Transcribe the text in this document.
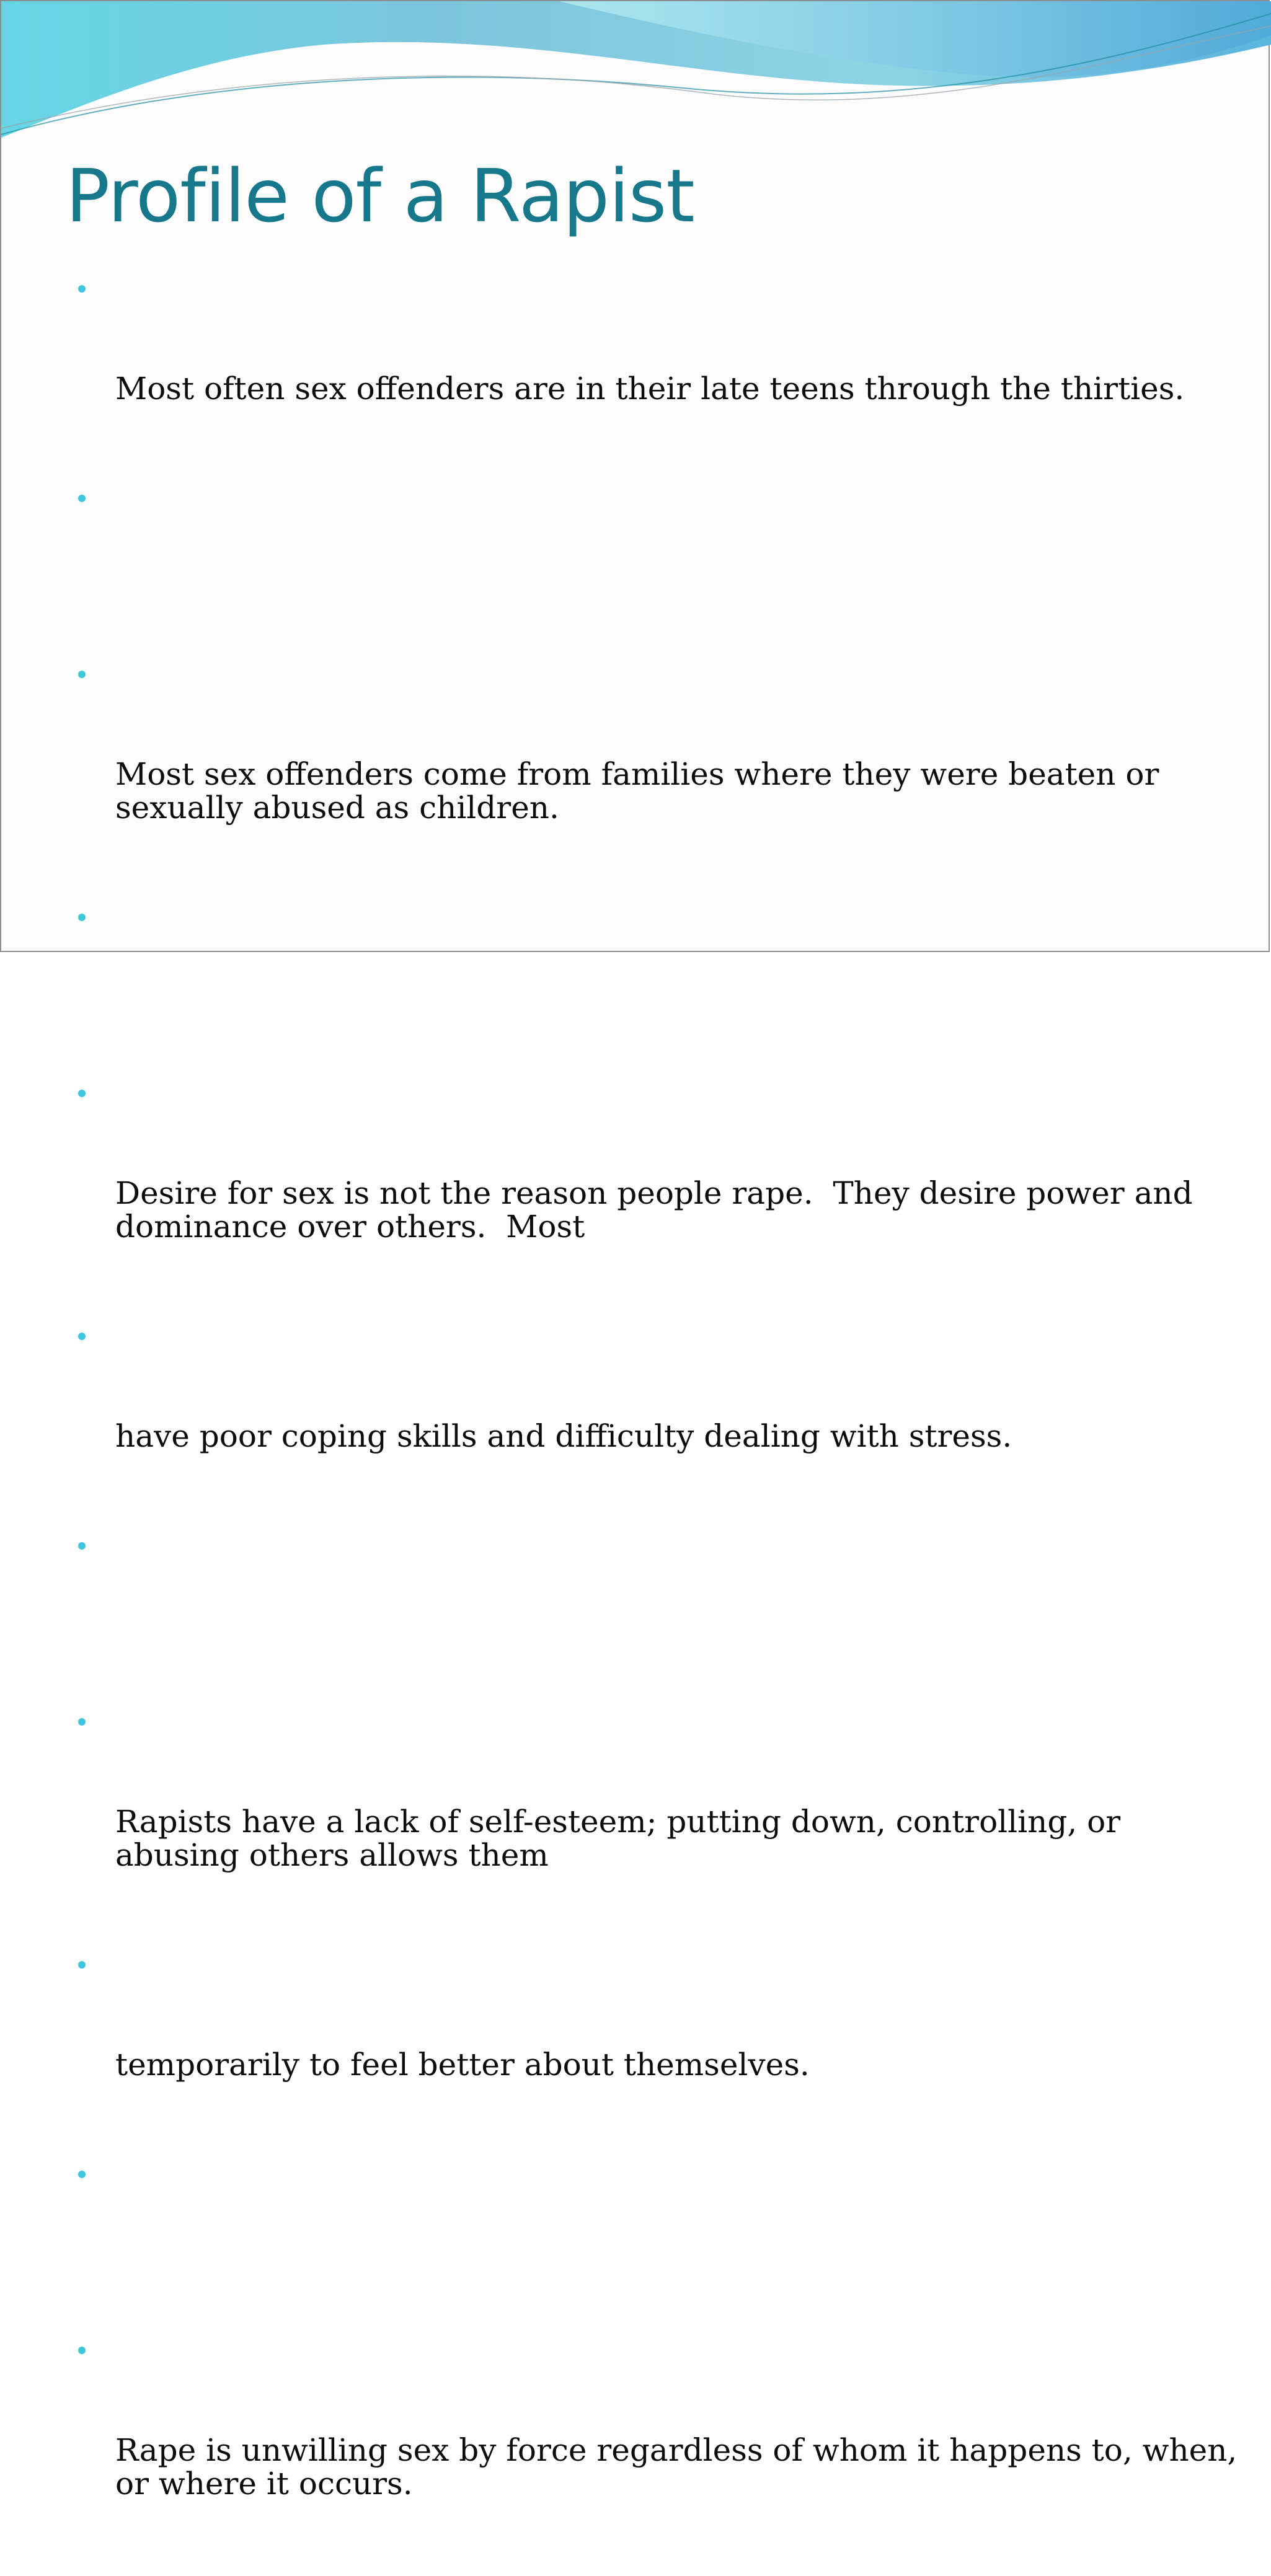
Profile of a Rapist

Most often sex offenders are in their late teens through the thirties.

Most sex offenders come from families where they were beaten or sexually abused as children.

Desire for sex is not the reason people rape.  They desire power and dominance over others.  Most

have poor coping skills and difficulty dealing with stress.

Rapists have a lack of self-esteem; putting down, controlling, or abusing others allows them

temporarily to feel better about themselves.

Rape is unwilling sex by force regardless of whom it happens to, when, or where it occurs.
